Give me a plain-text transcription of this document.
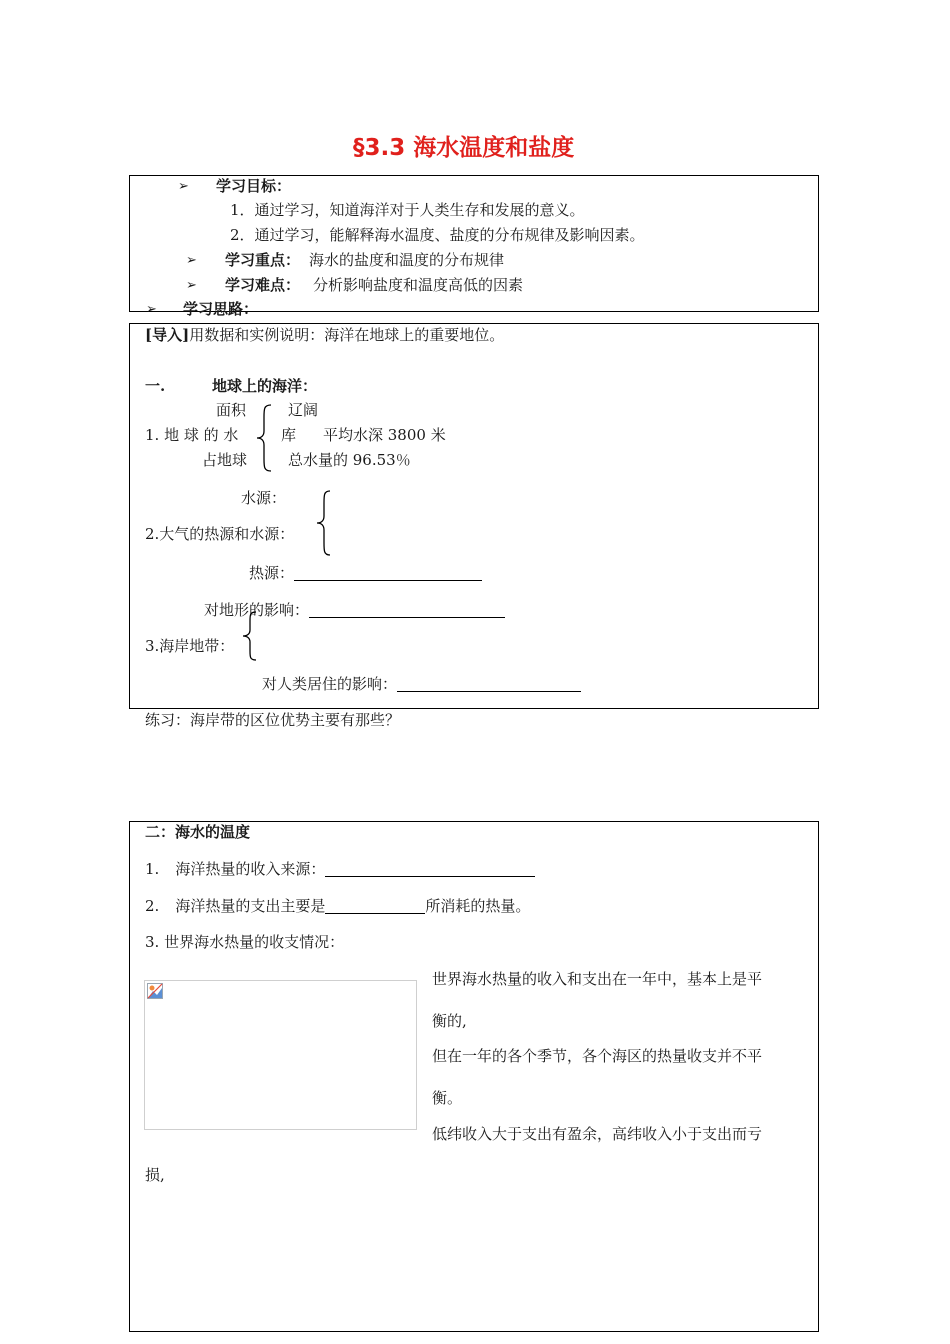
§3.3 海水温度和盐度
➢ 学习目标：
1．通过学习，知道海洋对于人类生存和发展的意义。
2．通过学习，能解释海水温度、盐度的分布规律及影响因素。
➢ 学习重点： 海水的盐度和温度的分布规律
➢ 学习难点： 分析影响盐度和温度高低的因素
➢ 学习思路：
[导入]用数据和实例说明：海洋在地球上的重要地位。
一.	地球上的海洋：
面积
1. 地 球 的 水
占地球
辽阔
库 平均水深 3800 米
总水量的 96.53％
水源：
2.大气的热源和水源：
热源：
对地形的影响：
3.海岸地带：
对人类居住的影响：
练习：海岸带的区位优势主要有那些？
二：海水的温度
1. 海洋热量的收入来源：
2. 海洋热量的支出主要是	所消耗的热量。
3. 世界海水热量的收支情况：
世界海水热量的收入和支出在一年中，基本上是平
衡的,
但在一年的各个季节，各个海区的热量收支并不平
衡。
低纬收入大于支出有盈余，高纬收入小于支出而亏
损,
